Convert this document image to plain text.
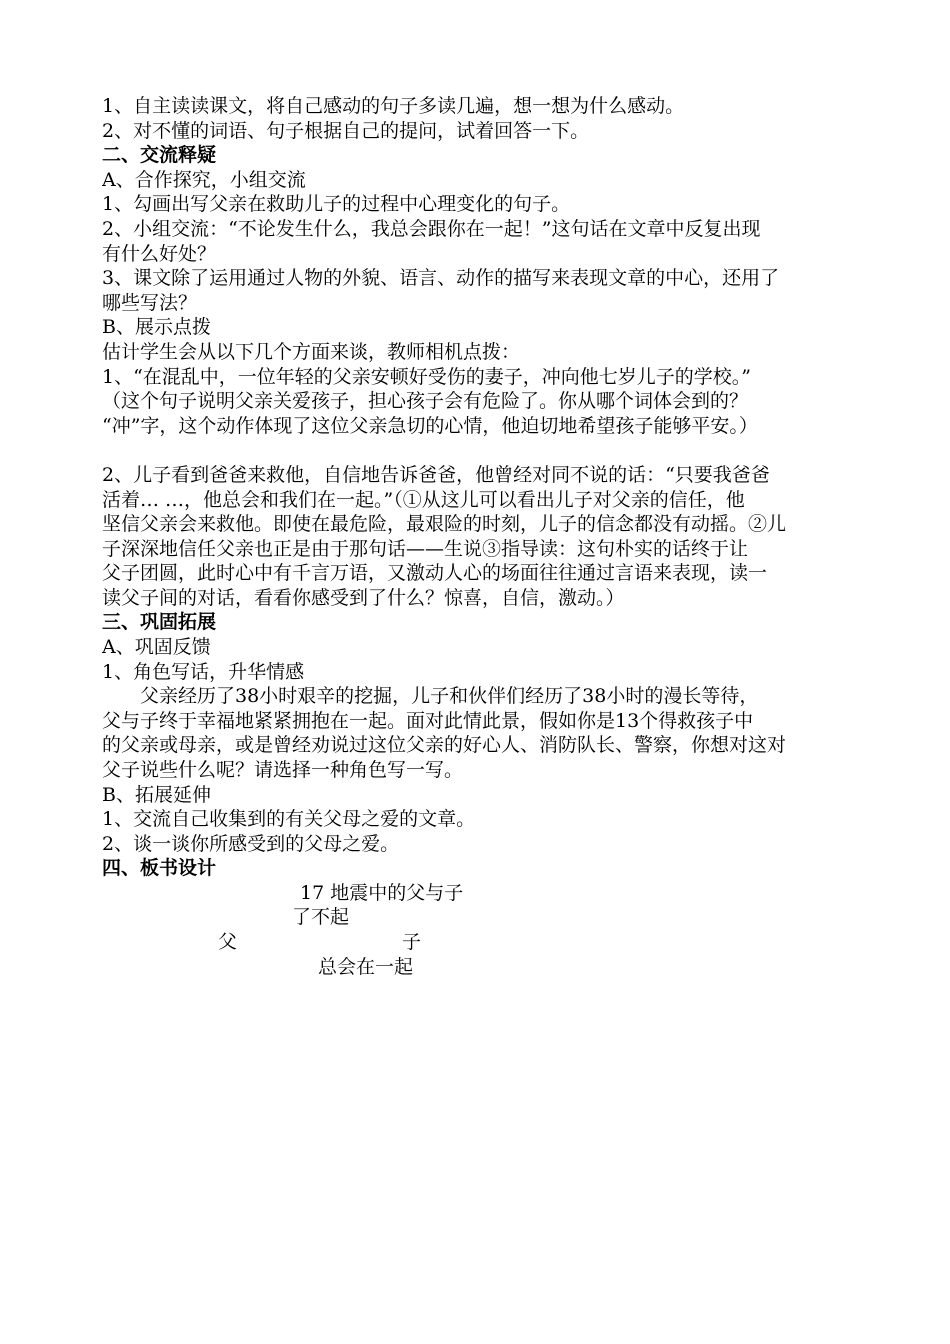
1、自主读读课文，将自己感动的句子多读几遍，想一想为什么感动。
2、对不懂的词语、句子根据自己的提问，试着回答一下。
二、交流释疑
A、合作探究，小组交流
1、勾画出写父亲在救助儿子的过程中心理变化的句子。
2、小组交流：“不论发生什么，我总会跟你在一起！”这句话在文章中反复出现
有什么好处？
3、课文除了运用通过人物的外貌、语言、动作的描写来表现文章的中心，还用了
哪些写法？
B、展示点拨
估计学生会从以下几个方面来谈，教师相机点拨：
1、“在混乱中，一位年轻的父亲安顿好受伤的妻子，冲向他七岁儿子的学校。”
（这个句子说明父亲关爱孩子，担心孩子会有危险了。你从哪个词体会到的？
“冲”字，这个动作体现了这位父亲急切的心情，他迫切地希望孩子能够平安。）
2、儿子看到爸爸来救他，自信地告诉爸爸，他曾经对同不说的话：“只要我爸爸
活着… …，他总会和我们在一起。”（①从这儿可以看出儿子对父亲的信任，他
坚信父亲会来救他。即使在最危险，最艰险的时刻，儿子的信念都没有动摇。②儿
子深深地信任父亲也正是由于那句话——生说③指导读：这句朴实的话终于让
父子团圆，此时心中有千言万语，又激动人心的场面往往通过言语来表现，读一
读父子间的对话，看看你感受到了什么？惊喜，自信，激动。）
三、巩固拓展
A、巩固反馈
1、角色写话，升华情感
父亲经历了38小时艰辛的挖掘，儿子和伙伴们经历了38小时的漫长等待，
父与子终于幸福地紧紧拥抱在一起。面对此情此景，假如你是13个得救孩子中
的父亲或母亲，或是曾经劝说过这位父亲的好心人、消防队长、警察，你想对这对
父子说些什么呢？请选择一种角色写一写。
B、拓展延伸
1、交流自己收集到的有关父母之爱的文章。
2、谈一谈你所感受到的父母之爱。
四、板书设计
17 地震中的父与子
了不起
父	子
总会在一起
